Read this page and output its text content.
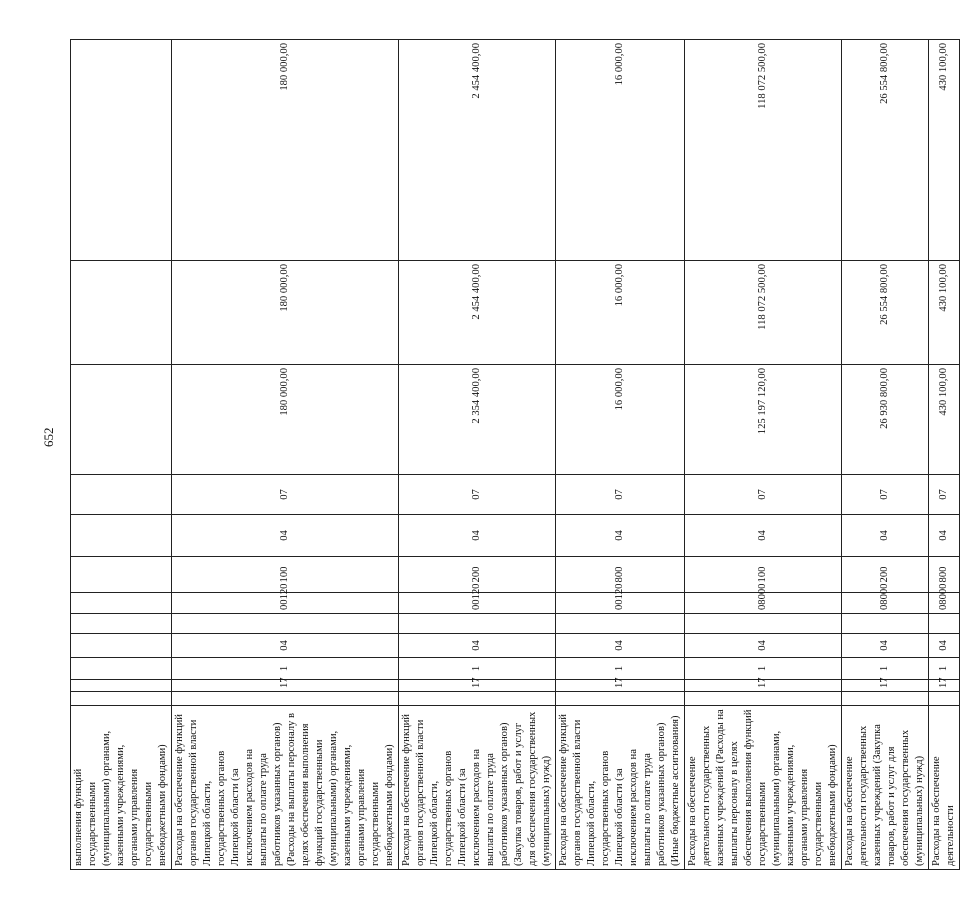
652
выполнения функций государственными (муниципальными) органами, казенными учреждениями, органами управления государственными внебюджетными фондами)												
Расходы на обеспечение функций органов государственной власти Липецкой области, государственных органов Липецкой области (за исключением расходов на выплаты по оплате труда работников указанных органов) (Расходы на выплаты персоналу в целях обеспечения выполнения функций государственными (муниципальными) органами, казенными учреждениями, органами управления государственными внебюджетными фондами)		17	1	04		00120	100	04	07	180 000,00	180 000,00	180 000,00
Расходы на обеспечение функций органов государственной власти Липецкой области, государственных органов Липецкой области (за исключением расходов на выплаты по оплате труда работников указанных органов) (Закупка товаров, работ и услуг для обеспечения государственных (муниципальных) нужд)		17	1	04		00120	200	04	07	2 354 400,00	2 454 400,00	2 454 400,00
Расходы на обеспечение функций органов государственной власти Липецкой области, государственных органов Липецкой области (за исключением расходов на выплаты по оплате труда работников указанных органов) (Иные бюджетные ассигнования)		17	1	04		00120	800	04	07	16 000,00	16 000,00	16 000,00
Расходы на обеспечение деятельности государственных казенных учреждений (Расходы на выплаты персоналу в целях обеспечения выполнения функций государственными (муниципальными) органами, казенными учреждениями, органами управления государственными внебюджетными фондами)		17	1	04		08000	100	04	07	125 197 120,00	118 072 500,00	118 072 500,00
Расходы на обеспечение деятельности государственных казенных учреждений (Закупка товаров, работ и услуг для обеспечения государственных (муниципальных) нужд)		17	1	04		08000	200	04	07	26 930 800,00	26 554 800,00	26 554 800,00
Расходы на обеспечение деятельности		17	1	04		08000	800	04	07	430 100,00	430 100,00	430 100,00
